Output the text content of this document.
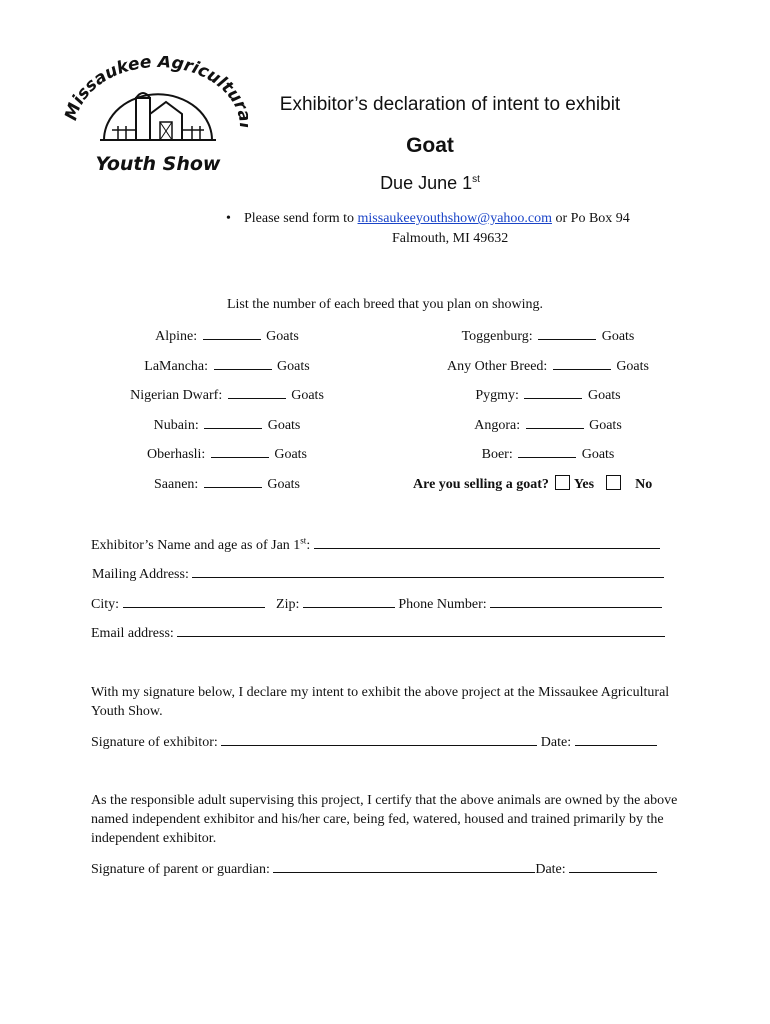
issaukee Agricultu
Youth Show
Exhibitor’s declaration of intent to exhibit
Goat
Due June 1st
• Please send form to missaukeeyouthshow@yahoo.com or Po Box 94
Falmouth, MI 49632
List the number of each breed that you plan on showing.
Alpine:	Goats
LaMancha:	Goats
Nigerian Dwarf:	Goats
Nubain:	Goats
Oberhasli:	Goats
Saanen:	Goats
Toggenburg:	Goats
Any Other Breed:	Goats
Pygmy:	Goats
Angora:	Goats
Boer:	Goats
Are you selling a goat? Yes	No
Exhibitor’s Name and age as of Jan 1st:
Mailing Address:
City:	Zip:	Phone Number:
Email address:
With my signature below, I declare my intent to exhibit the above project at the Missaukee Agricultural Youth Show.
Signature of exhibitor:	Date:
As the responsible adult supervising this project, I certify that the above animals are owned by the above named independent exhibitor and his/her care, being fed, watered, housed and trained primarily by the independent exhibitor.
Signature of parent or guardian:	Date:
